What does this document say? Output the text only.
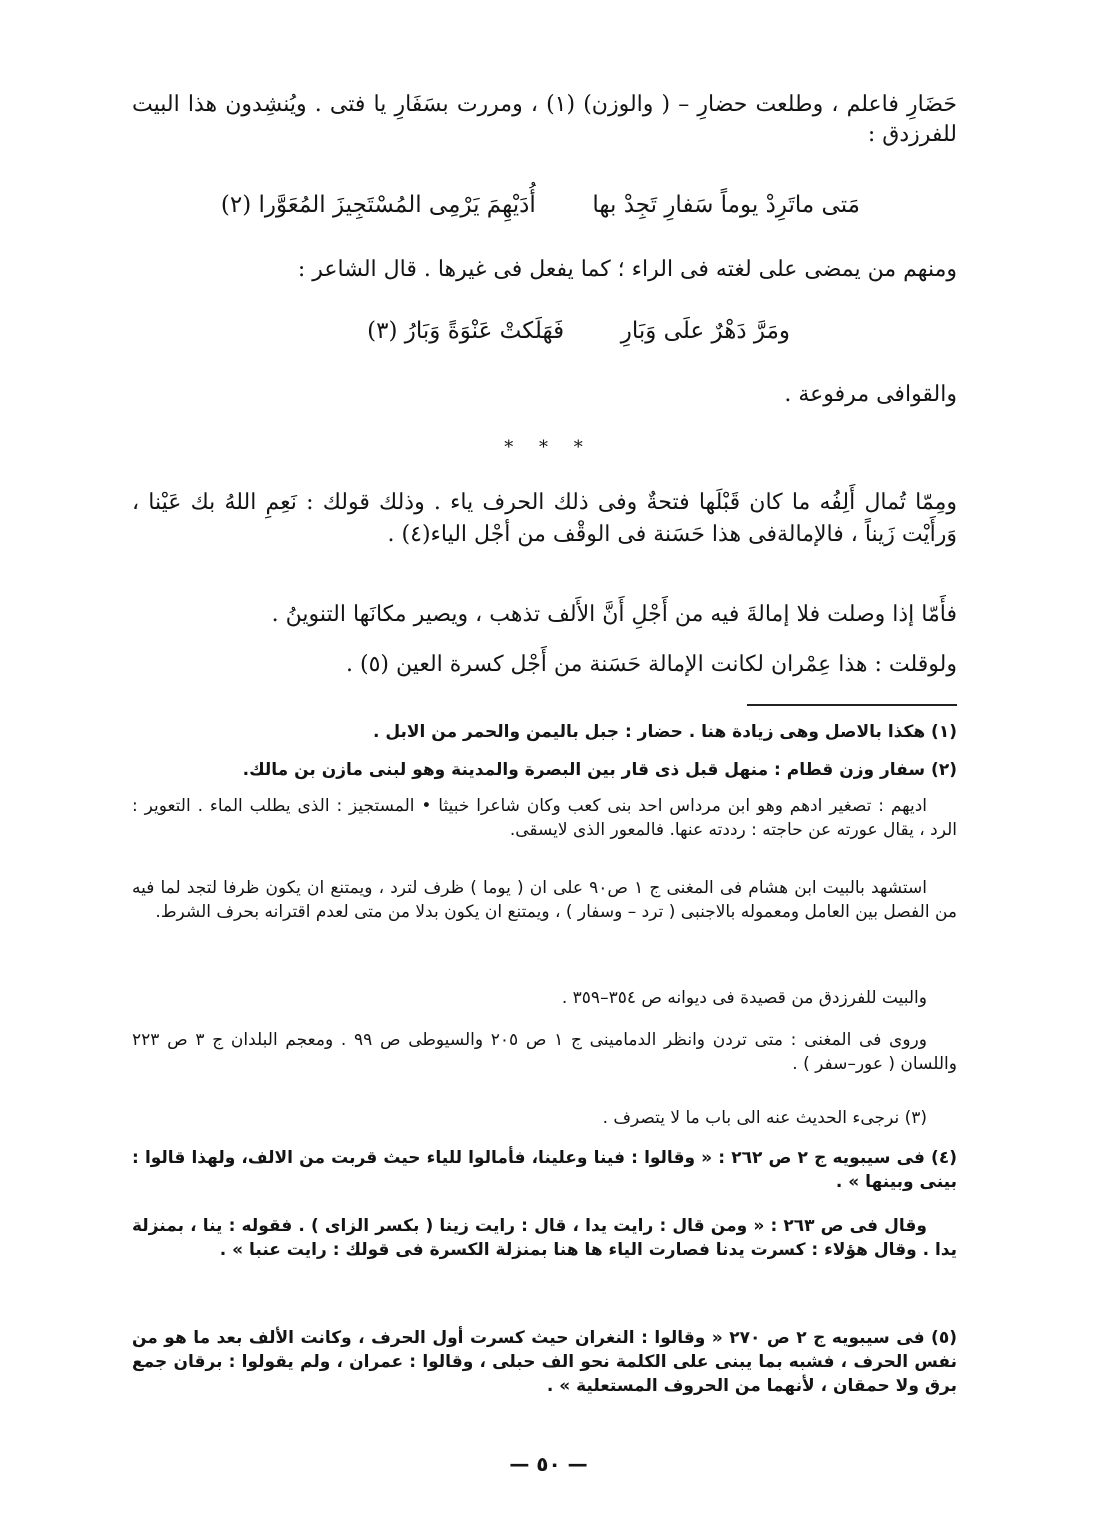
حَضَارِ فاعلم ، وطلعت حضارِ – ( والوزن) (١) ، ومررت بسَفَارِ يا فتى . ويُنشِدون هذا البيت للفرزدق :
مَتى ماتَرِدْ يوماً سَفارِ تَجِدْ بها  أُدَيْهِمَ يَرْمِى المُسْتَجِيزَ المُعَوَّرا (٢)
ومنهم من يمضى على لغته فى الراء ؛ كما يفعل فى غيرها . قال الشاعر :
ومَرَّ دَهْرٌ علَى وَبَارِ  فَهَلَكتْ عَنْوَةً وَبَارُ (٣)
والقوافى مرفوعة .
* * *
ومِمّا تُمال أَلِفُه ما كان قَبْلَها فتحةٌ وفى ذلك الحرف ياء . وذلك قولك : نَعِمِ اللهُ بك عَيْنا ، وَرأَيْت زَيناً ، فالإمالةفى هذا حَسَنة فى الوقْف من أجْل الياء(٤) .
فأَمّا إذا وصلت فلا إمالةَ فيه من أَجْلِ أَنَّ الأَلف تذهب ، ويصير مكانَها التنوينُ .
ولوقلت : هذا عِمْران لكانت الإمالة حَسَنة من أَجْل كسرة العين (٥) .
(١) هكذا بالاصل وهى زيادة هنا . حضار : جبل باليمن والحمر من الابل .
(٢) سفار وزن قطام : منهل قبل ذى قار بين البصرة والمدينة وهو لبنى مازن بن مالك.
اديهم : تصغير ادهم وهو ابن مرداس احد بنى كعب وكان شاعرا خبيثا • المستجيز : الذى يطلب الماء . التعوير : الرد ، يقال عورته عن حاجته : رددته عنها. فالمعور الذى لايسقى.
استشهد بالبيت ابن هشام فى المغنى ج ١ ص٩٠ على ان ( يوما ) ظرف لترد ، ويمتنع ان يكون ظرفا لتجد لما فيه من الفصل بين العامل ومعموله بالاجنبى ( ترد – وسفار ) ، ويمتنع ان يكون بدلا من متى لعدم اقترانه بحرف الشرط.
والبيت للفرزدق من قصيدة فى ديوانه ص ٣٥٤–٣٥٩ .
وروى فى المغنى : متى تردن وانظر الدمامينى ج ١ ص ٢٠٥ والسيوطى ص ٩٩ . ومعجم البلدان ج ٣ ص ٢٢٣ واللسان ( عور–سفر ) .
(٣) نرجىء الحديث عنه الى باب ما لا يتصرف .
(٤) فى سيبويه ج ٢ ص ٢٦٢ : « وقالوا : فينا وعلينا، فأمالوا للياء حيث قربت من الالف، ولهذا قالوا : بينى وبينها » .
وقال فى ص ٢٦٣ : « ومن قال : رايت يدا ، قال : رايت زينا ( بكسر الزاى ) . فقوله : ينا ، بمنزلة يدا . وقال هؤلاء : كسرت يدنا فصارت الياء ها هنا بمنزلة الكسرة فى قولك : رايت عنبا » .
(٥) فى سيبويه ج ٢ ص ٢٧٠ « وقالوا : النغران حيث كسرت أول الحرف ، وكانت الألف بعد ما هو من نفس الحرف ، فشبه بما يبنى على الكلمة نحو الف حبلى ، وقالوا : عمران ، ولم يقولوا : برقان جمع برق ولا حمقان ، لأنهما من الحروف المستعلية » .
— ٥٠ —
